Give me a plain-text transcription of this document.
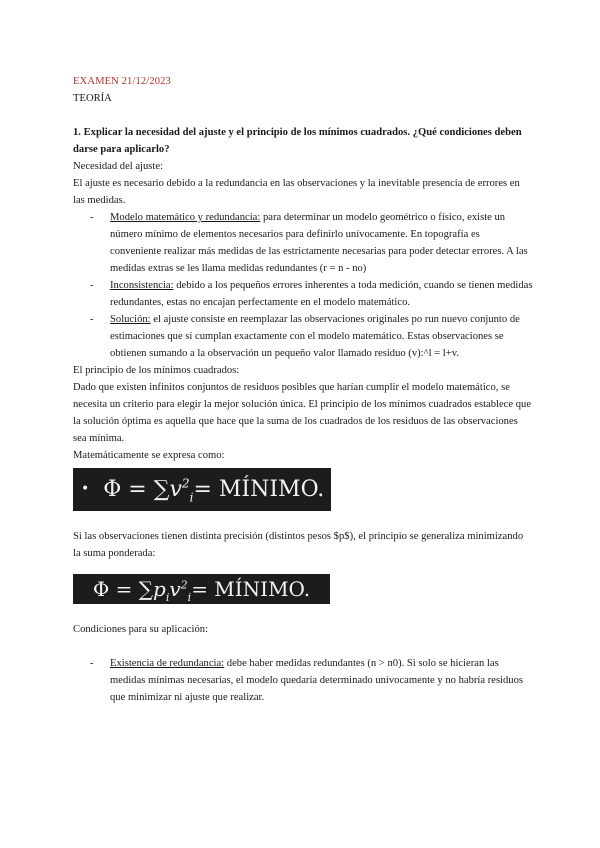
EXAMEN 21/12/2023
TEORÍA
1. Explicar la necesidad del ajuste y el principio de los mínimos cuadrados. ¿Qué condiciones deben darse para aplicarlo?
Necesidad del ajuste:
El ajuste es necesario debido a la redundancia en las observaciones y la inevitable presencia de errores en las medidas.
- Modelo matemático y redundancia: para determinar un modelo geométrico o físico, existe un número mínimo de elementos necesarios para definirlo unívocamente. En topografía es conveniente realizar más medidas de las estrictamente necesarias para poder detectar errores. A las medidas extras se les llama medidas redundantes (r = n - no)
- Inconsistencia: debido a los pequeños errores inherentes a toda medición, cuando se tienen medidas redundantes, estas no encajan perfectamente en el modelo matemático.
- Solución: el ajuste consiste en reemplazar las observaciones originales po run nuevo conjunto de estimaciones que sí cumplan exactamente con el modelo matemático. Estas observaciones se obtienen sumando a la observación un pequeño valor llamado residuo (v):^l = l+v.
El principio de los mínimos cuadrados:
Dado que existen infinitos conjuntos de residuos posibles que harían cumplir el modelo matemático, se necesita un criterio para elegir la mejor solución única. El principio de los mínimos cuadrados establece que la solución óptima es aquella que hace que la suma de los cuadrados de los residuos de las observaciones sea mínima.
Matemáticamente se expresa como:
• Φ = ∑ $v^2_i$ = MÍNIMO.
Si las observaciones tienen distinta precisión (distintos pesos $p$), el principio se generaliza minimizando la suma ponderada:
Φ = ∑ $p_iv^2_i$ = MÍNIMO.
Condiciones para su aplicación:
- Existencia de redundancia: debe haber medidas redundantes (n > n0). Si solo se hicieran las medidas mínimas necesarias, el modelo quedaría determinado unívocamente y no habría residuos que minimizar ni ajuste que realizar.
